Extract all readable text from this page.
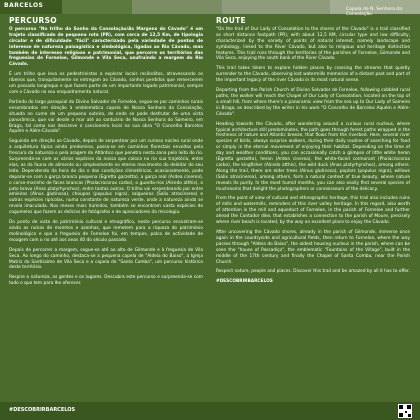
BARCELOS
Capela de N. Senhora da Consolação
PERCURSO

O percurso "No trilho do Sonho da Consolação/As Margens do Cávado" é um trajeto classificado de pequena rota (PR), com cerca de 12,5 Km, de tipologia circular e de dificuldade "fácil" caracterizado pela variedade de pontos de interesse de natureza paisagística e simbológica, ligadas ao Rio Cávado, mas também de interesse religioso e patrimonial, que percorre os territórios das freguesias de Forneloe, Gilmonde e Vila Seca, usufruindo a margem do Rio Cávado.

É um trilho que leva os pedestrinistas a explorar locais recônditos, atravessando os ribeiros que, tranquilamente se entregam ao Cávado, sonhos perdidos que remercerem um passado longínquo e que fazem parte de um importante legado patrimonial, sempre com o Cávado no seu enquadramento natural.

Partindo do largo paroquial do Divino Salvador de Forneloe, segue-se por caminhos rurais ensombrados em direção à emblemática capela de Nossa Senhora da Consolação, situada no cume de um pequeno outeiro, de onde se pode desfrutar de uma vista panorâmica, que vai desde o mar até ao santuário de Nossa Senhora do Sameiro, em Braga, tal como nos descreve o cancioneiro local na sua obra "O Concelho Barcelos Aquém e Além-Cávado".

Seguindo em direção ao Cávado, depois de serpentear por um curioso núcleo rural onde a arquitetura típica ainda predomina, passa-se em caminhos florestais envoltos pela frescura da natureza e pela aragem do Atlântico que penetra nesta zona pelo leito do rio. Surpreenda-se com os vários espécies da nossa que coloca no rio sua trajetória, entre elas, as da fauna de alimento ou simplesmente no eterno movimento do deleitar do seu leito. Dependendo da hora do dia e das condições climatéricas, ocasionalmente, pode deparar-se com a garça branca pequena (Egretta garzetta), a garça real (Ardea cinerea), o corvo-marinho de faces brancas (Phalacrocorax carbo), o guarda-rios (Alcedo atthis), o pato bravo (Anas platyrhynchos), entre tantas outras. O trilho vai serpenteando por entre amieiros (Alnus glutinosa), choupos (populus nigra), salgueiros (Salix atrocinerea) e outras espécies ripícolas, numa constante de natureza verde, onde a natureza ainda se revela imaculada. Nos meses mais húmidos, também se encontram vasta espécies de cogumelos que fazem as delícias de fotógrafos e de apreciadores da micologia.

Do ponto de vista do património cultural e etnográfico, neste percurso encontram-se ainda as ruínas de moinhos e azenhas, que remetem para a riqueza do património molinológico e que a freguesia de Forneloe foi, em tempos, palco de actividade de moagem com o rio até aos anos 40 do século passado.

Depois de percorrer a margem, segue-se até ao alto de Gilmonde e à freguesia de Vila Seca. Ao longo do caminho, destaca-se a pequena capela de "Aldeia do Baixo", a Igreja Matriz do Santíssimo de Vila Seca e a capela de "Santa Comba", um percurso histórico deste território.

Respire a natureza, as gentes e os lugares. Descubra este percurso e surpreenda-se com tudo o que tem para lhe oferecer.

ROUTE

"On the trail of Our Lady of Consolation to the shores of the Cávado" is a trail classified as short distance footpath (PR), with about 12,5 KM, circular type and low difficulty, characterized by the variety of points of natural interest, namely landscape and symbology, linked to the River Cávado, but also to religious and heritage distinctive features. This trail runs through the territories of the parishes of Forneloe, Gilmonde and Vila Seca, enjoying the south bank of the River Cávado.

This trail takes hikers to explore hidden places by crossing the streams that quietly surrender to the Cávado, observing lost watermills memories of a distant past and part of the important legacy of the river Cávado in its most natural sense.

Departing from the Parish Church of Divino Salvador de Forneloe, following cobbled rural paths, the walker will reach the Chapel of Our Lady of Consolation, located on the top of a small hill, from where there's a panoramic view from the sea up to Our Lady of Sameiro in Braga, as described by the writer in his work "O Concelho de Barcelos Aquém e Além-Cávado".

Heading towards the Cávado, after wandering around a curious rural nucleus, where typical architecture still predominates, the path goes through forest paths wrapped in the freshness of nature and Atlantic breeze, that flows from the riverbed. Here, several river species of birds, always surprise walkers, during their daily routine of searching for food or simply in the eternal movement of enjoying their habitat. Depending on the time of day and weather conditions, you can occasionally catch a glimpse of little white heron (Egretta garzetta), heron (Ardea cinerea), the white-faced cormorant (Phalacrocorax carbo), the kingfisher (Alcedo atthis), the wild duck (Anas platyrhynchos), among others. Along the trail, there are elder trees (Alnus glutinosa), poplars (populus nigra), willows (Salix atrocinerea), among others, form a natural context of true beauty, where nature reveals its purity. In the most humid months, you can also easily find several species of mushrooms that delight the photographers or connoisseurs of the delicacy.

From the point of view of cultural and ethnographic heritage, this trail also includes ruins of mills and watermills, reminders of this river valley heritage. In this regard, also worth of attention is the mill and aqueduct of Forneloe, in the parish of Forneloe and further ahead the Contador dike, that establishes a connection to the parish of Moure, precisely where river beach is located, by the way an excellent place to enjoy the Cávado.

After uncovering the Cávado shores, already in the parish of Gilmonde, immerse once again in the countryside and agricultural fields, then return to Forneloe, where the way passes through "Aldeia do Baixo", the oldest housing nucleus in the parish, where can be seen the "house of Passadiço", the emblematic "Fountains of the Village", built in the middle of the 17th century and finally the Chapel of Santa Comba, near the Parish Church.

Respect nature, people and places. Discover this trail and be amazed by all it has to offer.

#DESCOBRIRBARCELOS

#DESCOBRIRBARCELOS
